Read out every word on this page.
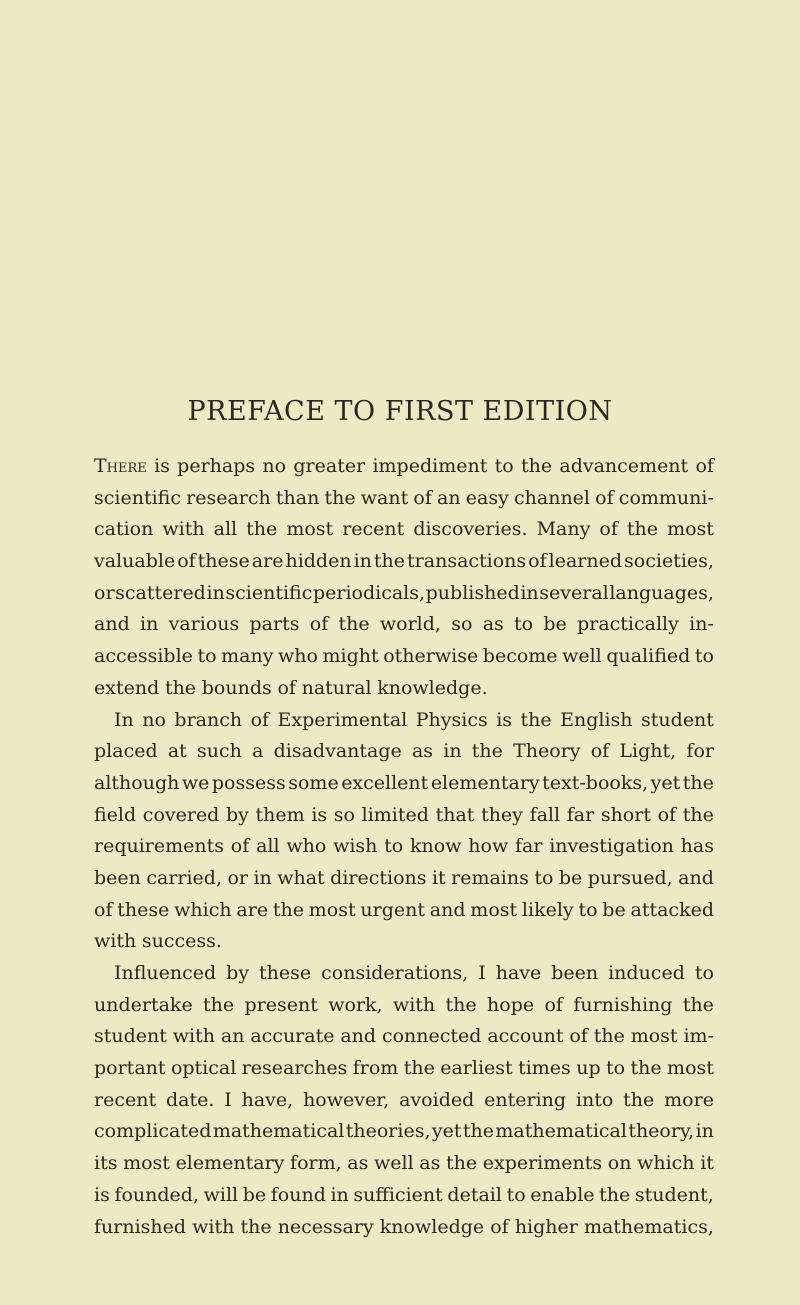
PREFACE TO FIRST EDITION
There is perhaps no greater impediment to the advancement of
scientific research than the want of an easy channel of communi-
cation with all the most recent discoveries. Many of the most
valuable of these are hidden in the transactions of learned societies,
or scattered in scientific periodicals, published in several languages,
and in various parts of the world, so as to be practically in-
accessible to many who might otherwise become well qualified to
extend the bounds of natural knowledge.
In no branch of Experimental Physics is the English student
placed at such a disadvantage as in the Theory of Light, for
although we possess some excellent elementary text-books, yet the
field covered by them is so limited that they fall far short of the
requirements of all who wish to know how far investigation has
been carried, or in what directions it remains to be pursued, and
of these which are the most urgent and most likely to be attacked
with success.
Influenced by these considerations, I have been induced to
undertake the present work, with the hope of furnishing the
student with an accurate and connected account of the most im-
portant optical researches from the earliest times up to the most
recent date. I have, however, avoided entering into the more
complicated mathematical theories, yet the mathematical theory, in
its most elementary form, as well as the experiments on which it
is founded, will be found in sufficient detail to enable the student,
furnished with the necessary knowledge of higher mathematics,
